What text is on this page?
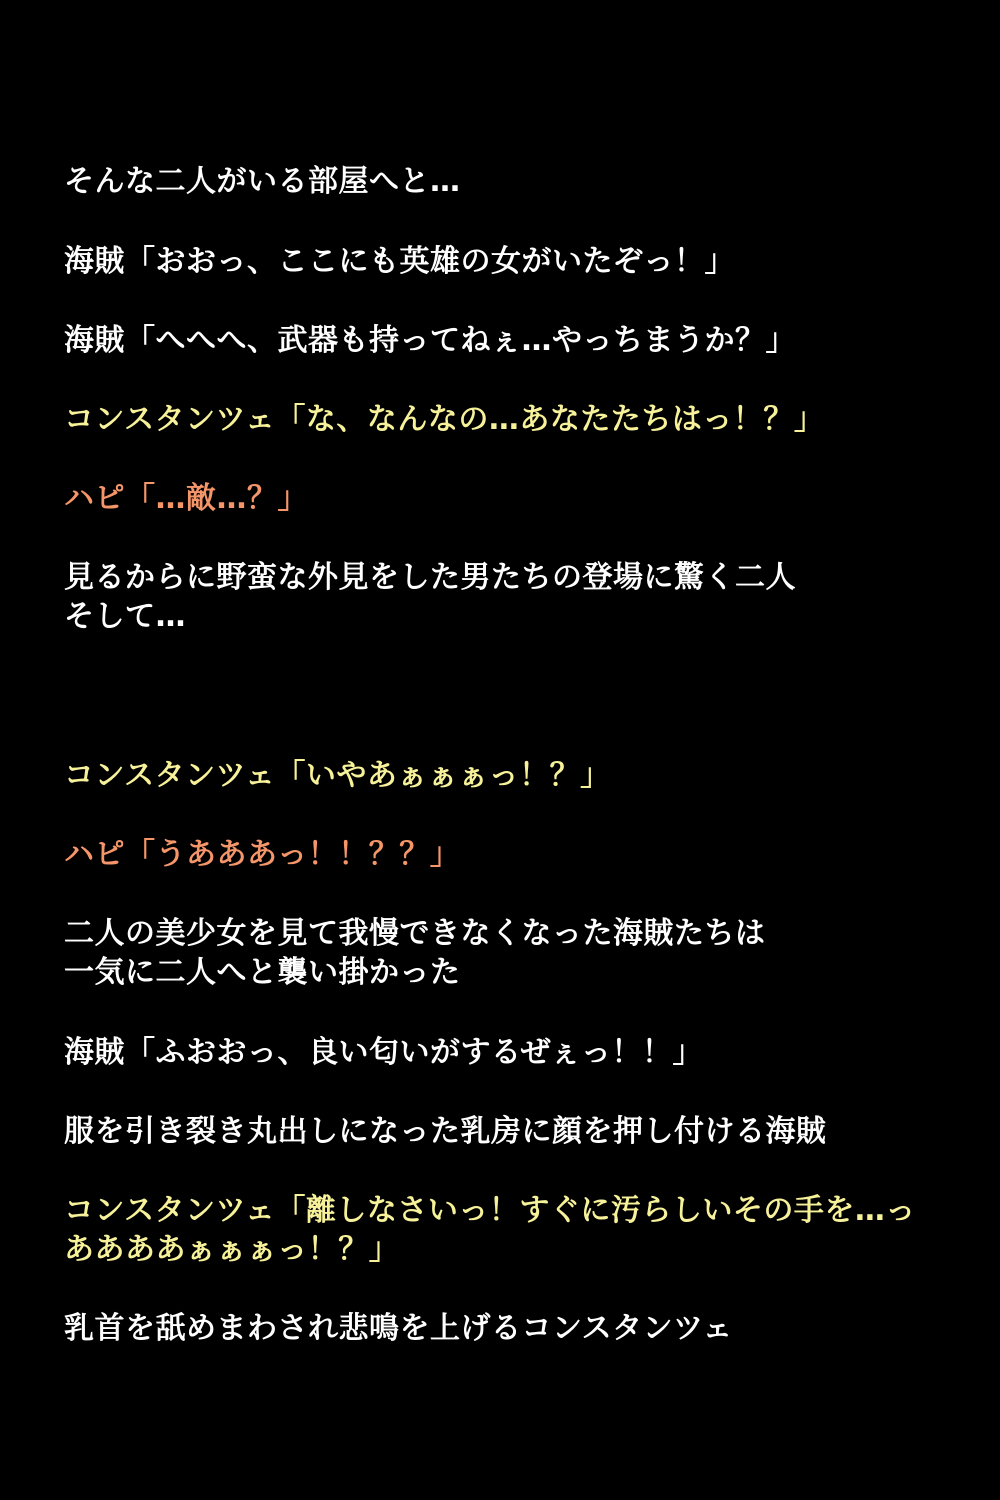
そんな二人がいる部屋へと…
海賊「おおっ、ここにも英雄の女がいたぞっ！」
海賊「へへへ、武器も持ってねぇ…やっちまうか？」
コンスタンツェ「な、なんなの…あなたたちはっ！？」
ハピ「…敵…？」
見るからに野蛮な外見をした男たちの登場に驚く二人
そして…
コンスタンツェ「いやあぁぁぁっ！？」
ハピ「うあああっ！！？？」
二人の美少女を見て我慢できなくなった海賊たちは
一気に二人へと襲い掛かった
海賊「ふおおっ、良い匂いがするぜぇっ！！」
服を引き裂き丸出しになった乳房に顔を押し付ける海賊
コンスタンツェ「離しなさいっ！すぐに汚らしいその手を…っ
ああああぁぁぁっ！？」
乳首を舐めまわされ悲鳴を上げるコンスタンツェ
